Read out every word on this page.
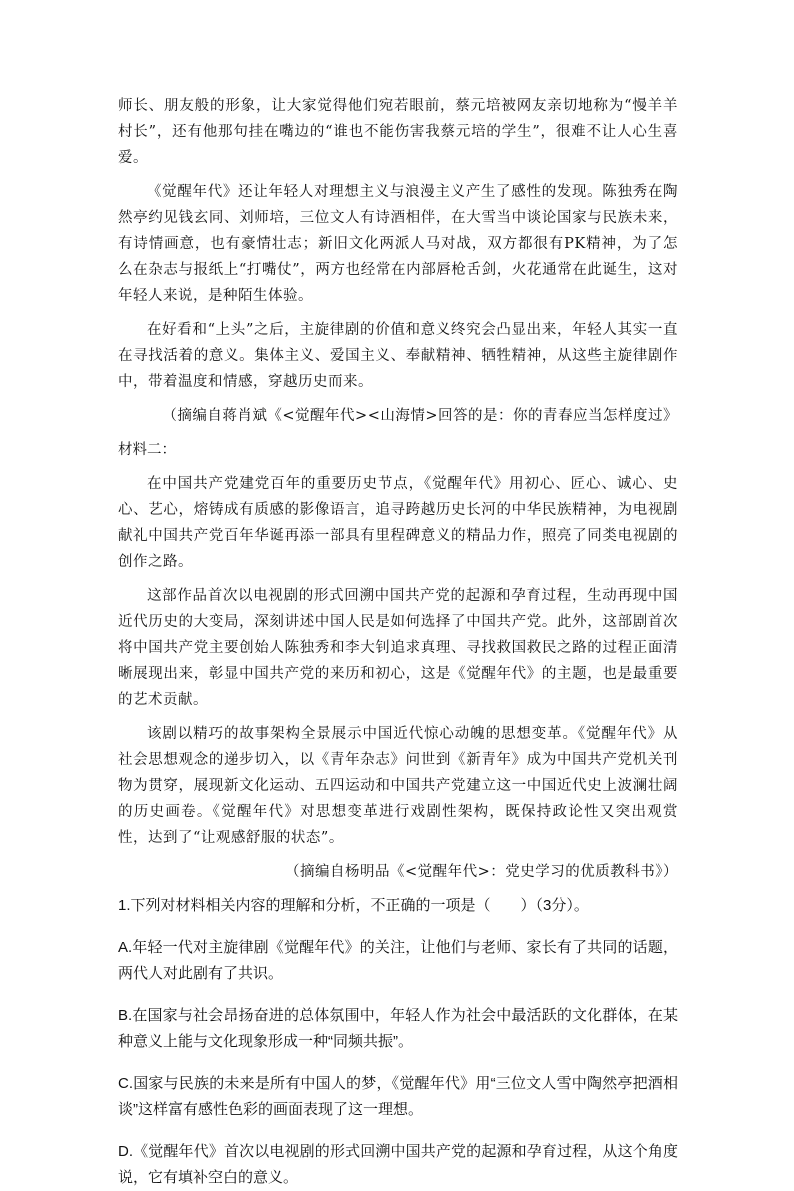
师长、朋友般的形象，让大家觉得他们宛若眼前，蔡元培被网友亲切地称为“慢羊羊村长”，还有他那句挂在嘴边的“谁也不能伤害我蔡元培的学生”，很难不让人心生喜爱。

《觉醒年代》还让年轻人对理想主义与浪漫主义产生了感性的发现。陈独秀在陶然亭约见钱玄同、刘师培，三位文人有诗酒相伴，在大雪当中谈论国家与民族未来，有诗情画意，也有豪情壮志；新旧文化两派人马对战，双方都很有PK精神，为了怎么在杂志与报纸上“打嘴仗”，两方也经常在内部唇枪舌剑，火花通常在此诞生，这对年轻人来说，是种陌生体验。

在好看和“上头”之后，主旋律剧的价值和意义终究会凸显出来，年轻人其实一直在寻找活着的意义。集体主义、爱国主义、奉献精神、牺牲精神，从这些主旋律剧作中，带着温度和情感，穿越历史而来。

（摘编自蒋肖斌《<觉醒年代><山海情>回答的是：你的青春应当怎样度过》

材料二：

在中国共产党建党百年的重要历史节点，《觉醒年代》用初心、匠心、诚心、史心、艺心，熔铸成有质感的影像语言，追寻跨越历史长河的中华民族精神，为电视剧献礼中国共产党百年华诞再添一部具有里程碑意义的精品力作，照亮了同类电视剧的创作之路。

这部作品首次以电视剧的形式回溯中国共产党的起源和孕育过程，生动再现中国近代历史的大变局，深刻讲述中国人民是如何选择了中国共产党。此外，这部剧首次将中国共产党主要创始人陈独秀和李大钊追求真理、寻找救国救民之路的过程正面清晰展现出来，彰显中国共产党的来历和初心，这是《觉醒年代》的主题，也是最重要的艺术贡献。

该剧以精巧的故事架构全景展示中国近代惊心动魄的思想变革。《觉醒年代》从社会思想观念的递步切入，以《青年杂志》问世到《新青年》成为中国共产党机关刊物为贯穿，展现新文化运动、五四运动和中国共产党建立这一中国近代史上波澜壮阔的历史画卷。《觉醒年代》对思想变革进行戏剧性架构，既保持政论性又突出观赏性，达到了“让观感舒服的状态”。

（摘编自杨明品《<觉醒年代>：党史学习的优质教科书》）

1.下列对材料相关内容的理解和分析，不正确的一项是（　　）（3分）。

A.年轻一代对主旋律剧《觉醒年代》的关注，让他们与老师、家长有了共同的话题，两代人对此剧有了共识。

B.在国家与社会昂扬奋进的总体氛围中，年轻人作为社会中最活跃的文化群体，在某种意义上能与文化现象形成一种“同频共振”。

C.国家与民族的未来是所有中国人的梦，《觉醒年代》用“三位文人雪中陶然亭把酒相谈”这样富有感性色彩的画面表现了这一理想。

D.《觉醒年代》首次以电视剧的形式回溯中国共产党的起源和孕育过程，从这个角度说，它有填补空白的意义。
